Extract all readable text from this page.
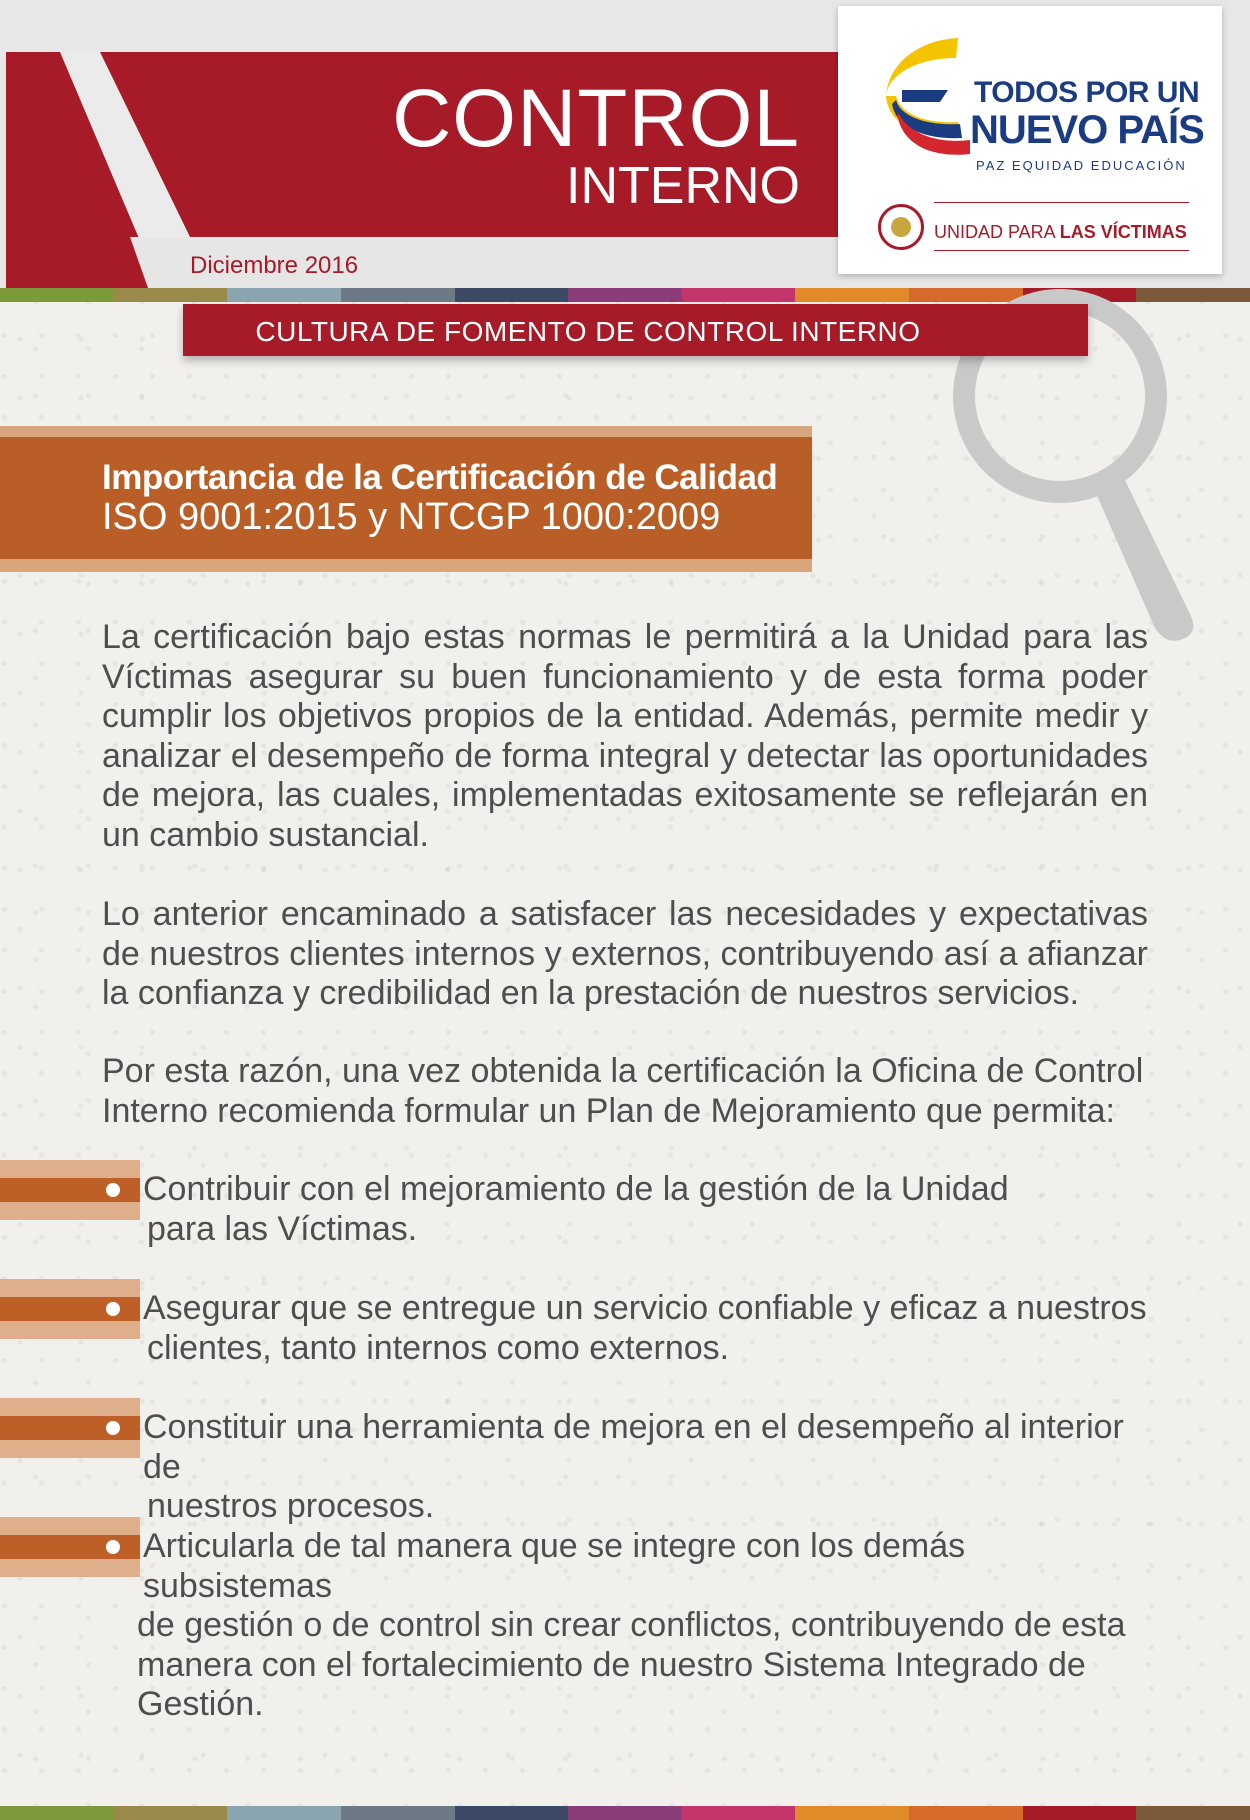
CONTROL
INTERNO
Diciembre 2016
TODOS POR UN
NUEVO PAÍS
PAZ EQUIDAD EDUCACIÓN
UNIDAD PARA LAS VÍCTIMAS
CULTURA DE FOMENTO DE CONTROL INTERNO
Importancia de la Certificación de Calidad
ISO 9001:2015 y NTCGP 1000:2009

La certificación bajo estas normas le permitirá a la Unidad para las Víctimas asegurar su buen funcionamiento y de esta forma poder cumplir los objetivos propios de la entidad. Además, permite medir y analizar el desempeño de forma integral y detectar las oportunidades de mejora, las cuales, implementadas exitosamente se reflejarán en un cambio sustancial.

Lo anterior encaminado a satisfacer las necesidades y expectativas de nuestros clientes internos y externos, contribuyendo así a afianzar la confianza y credibilidad en la prestación de nuestros servicios.

Por esta razón, una vez obtenida la certificación la Oficina de Control Interno recomienda formular un Plan de Mejoramiento que permita:

Contribuir con el mejoramiento de la gestión de la Unidad
para las Víctimas.
Asegurar que se entregue un servicio confiable y eficaz a nuestros
clientes, tanto internos como externos.
Constituir una herramienta de mejora en el desempeño al interior de
nuestros procesos.
Articularla de tal manera que se integre con los demás subsistemas
de gestión o de control sin crear conflictos, contribuyendo de esta manera con el fortalecimiento de nuestro Sistema Integrado de Gestión.
